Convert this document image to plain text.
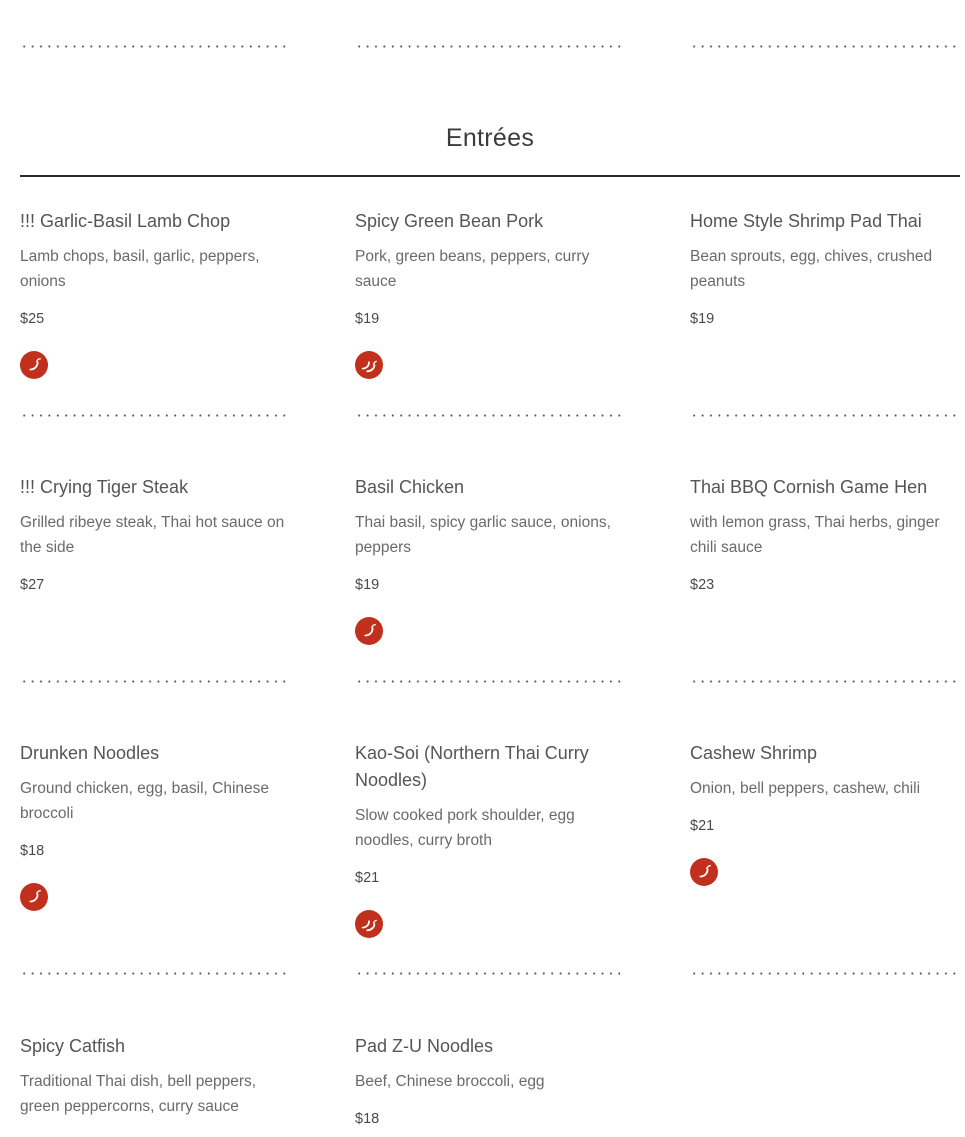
Entrées
!!! Garlic-Basil Lamb Chop
Lamb chops, basil, garlic, peppers, onions
$25
Spicy Green Bean Pork
Pork, green beans, peppers, curry sauce
$19
Home Style Shrimp Pad Thai
Bean sprouts, egg, chives, crushed peanuts
$19
!!! Crying Tiger Steak
Grilled ribeye steak, Thai hot sauce on the side
$27
Basil Chicken
Thai basil, spicy garlic sauce, onions, peppers
$19
Thai BBQ Cornish Game Hen
with lemon grass, Thai herbs, ginger chili sauce
$23
Drunken Noodles
Ground chicken, egg, basil, Chinese broccoli
$18
Kao-Soi (Northern Thai Curry Noodles)
Slow cooked pork shoulder, egg noodles, curry broth
$21
Cashew Shrimp
Onion, bell peppers, cashew, chili
$21
Spicy Catfish
Traditional Thai dish, bell peppers, green peppercorns, curry sauce
Pad Z-U Noodles
Beef, Chinese broccoli, egg
$18
